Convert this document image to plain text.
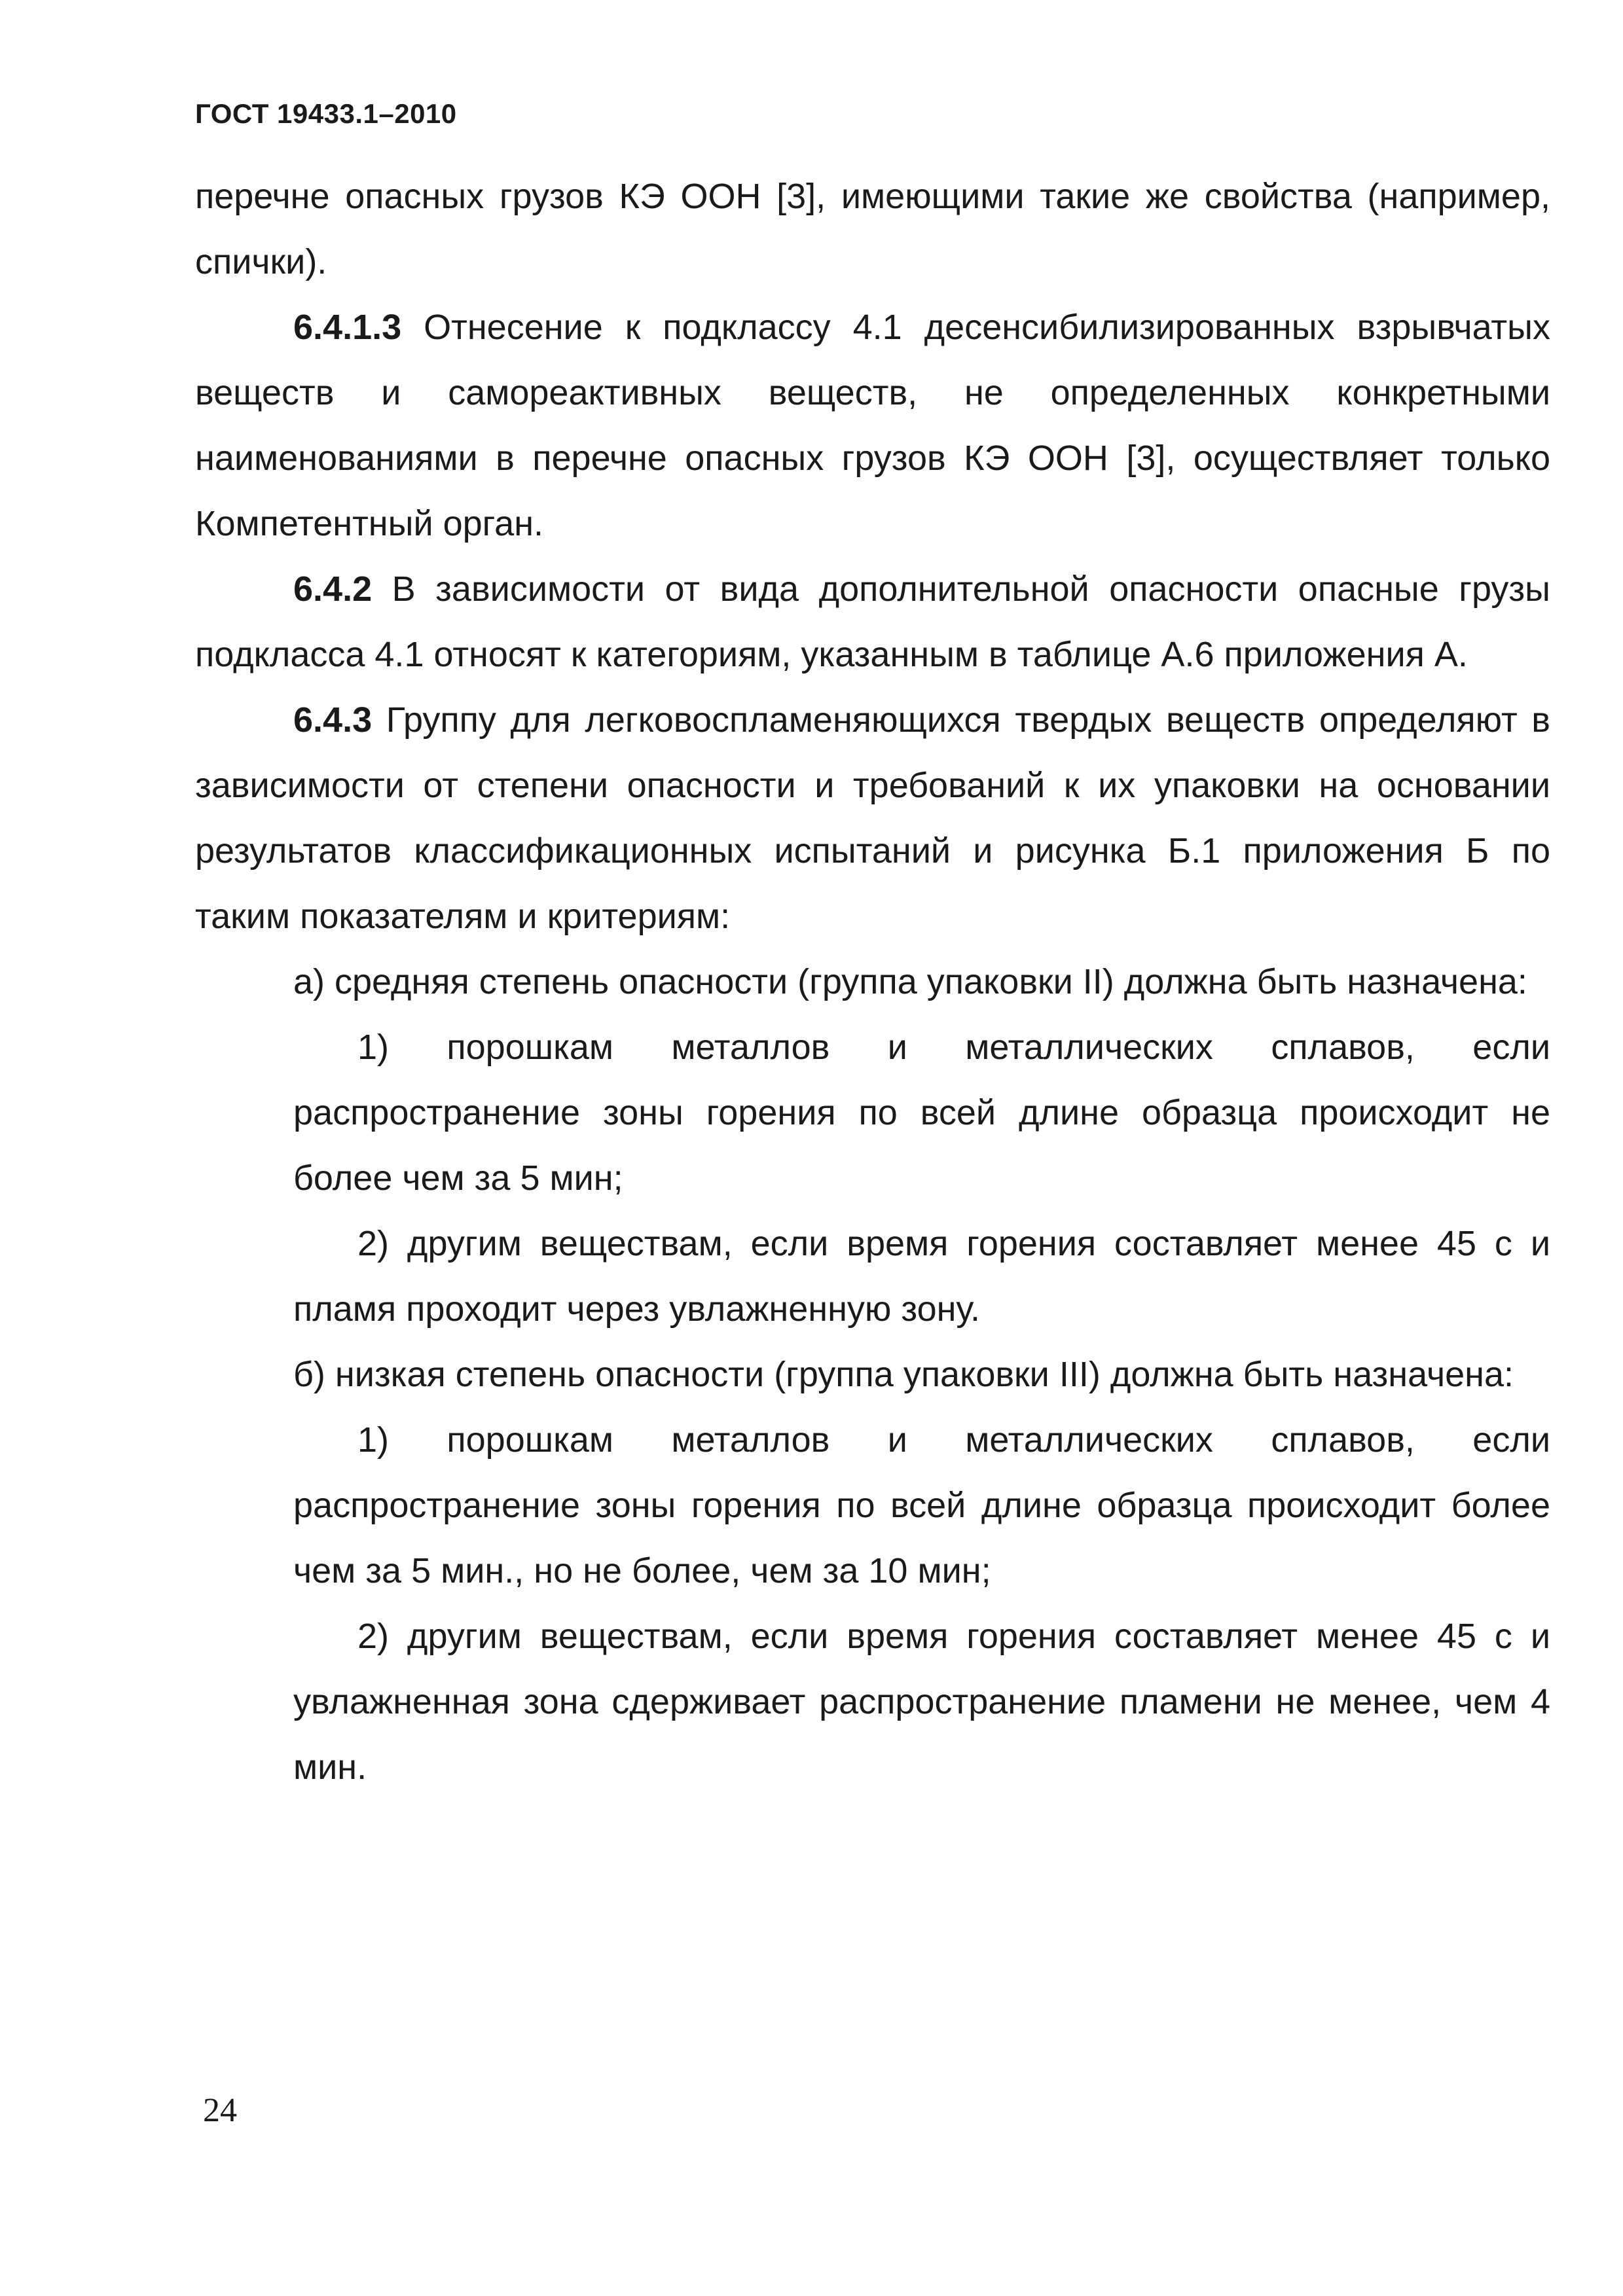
ГОСТ 19433.1–2010

перечне опасных грузов КЭ ООН [3], имеющими такие же свойства (например, спички).

6.4.1.3 Отнесение к подклассу 4.1 десенсибилизированных взрывчатых веществ и самореактивных веществ, не определенных конкретными наименованиями в перечне опасных грузов КЭ ООН [3], осуществляет только Компетентный орган.

6.4.2 В зависимости от вида дополнительной опасности опасные грузы подкласса 4.1 относят к категориям, указанным в таблице А.6 приложения А.

6.4.3 Группу для легковоспламеняющихся твердых веществ определяют в зависимости от степени опасности и требований к их упаковки на основании результатов классификационных испытаний и рисунка Б.1 приложения Б по таким показателям и критериям:

а) средняя степень опасности (группа упаковки II) должна быть назначена:

1) порошкам металлов и металлических сплавов, если распространение зоны горения по всей длине образца происходит не более чем за 5 мин;

2) другим веществам, если время горения составляет менее 45 с и пламя проходит через увлажненную зону.

б) низкая степень опасности (группа упаковки III) должна быть назначена:

1) порошкам металлов и металлических сплавов, если распространение зоны горения по всей длине образца происходит более чем за 5 мин., но не более, чем за 10 мин;

2) другим веществам, если время горения составляет менее 45 с и увлажненная зона сдерживает распространение пламени не менее, чем 4 мин.

24
